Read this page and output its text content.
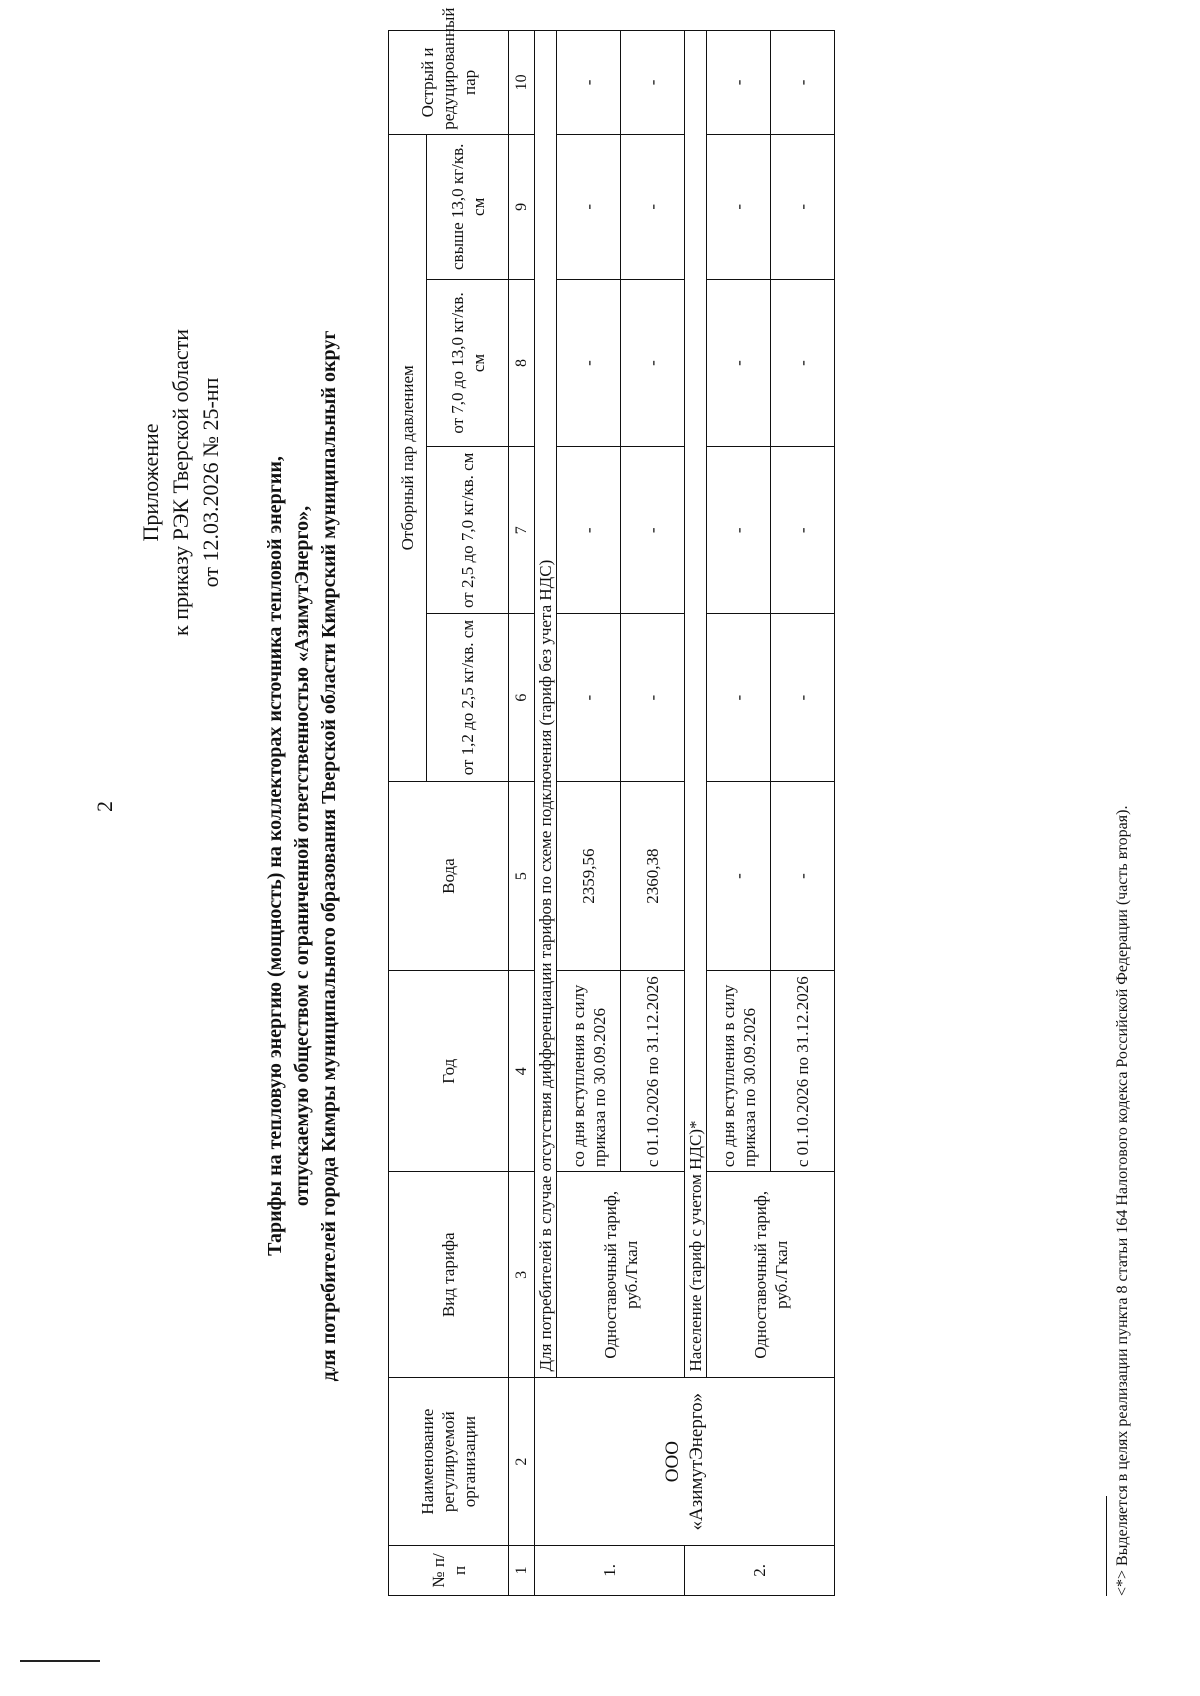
2
Приложение к приказу РЭК Тверской области от 12.03.2026 № 25-нп Тарифы на тепловую энергию (мощность) на коллекторах источника тепловой энергии, отпускаемую обществом с ограниченной ответственностью «АзимутЭнерго», для потребителей города Кимры муниципального образования Тверской области Кимрский муниципальный округ
№ п/ п	Наименование регулируемой организации	Вид тарифа	Год	Вода	Отборный пар давлением				Острый и редуцированный пар
					от 1,2 до 2,5 кг/кв. см	от 2,5 до 7,0 кг/кв. см	от 7,0 до 13,0 кг/кв. см	свыше 13,0 кг/кв. см	
1	2	3	4	5	6	7	8	9	10
1.	ООО «АзимутЭнерго»	Для потребителей в случае отсутствия дифференциации тарифов по схеме подключения (тариф без учета НДС)							
		Одноставочный тариф, руб./Гкал	со дня вступления в силу приказа по 30.09.2026	2359,56	-	-	-	-	-
			с 01.10.2026 по 31.12.2026	2360,38	-	-	-	-	-
2.		Население (тариф с учетом НДС)*							
		Одноставочный тариф, руб./Гкал	со дня вступления в силу приказа по 30.09.2026	-	-	-	-	-	-
			с 01.10.2026 по 31.12.2026	-	-	-	-	-	-
<*> Выделяется в целях реализации пункта 8 статьи 164 Налогового кодекса Российской Федерации (часть вторая).
